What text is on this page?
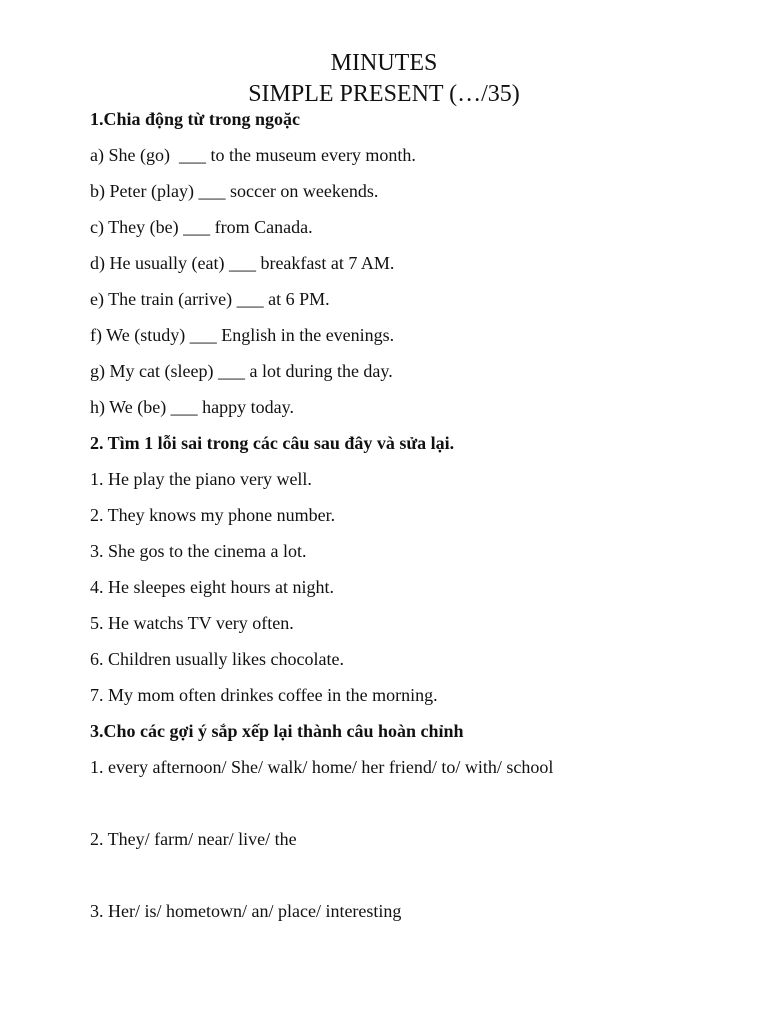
MINUTES
SIMPLE PRESENT (…/35)
1.Chia động từ trong ngoặc
a) She (go)  ___ to the museum every month.
b) Peter (play) ___ soccer on weekends.
c) They (be) ___ from Canada.
d) He usually (eat) ___ breakfast at 7 AM.
e) The train (arrive) ___ at 6 PM.
f) We (study) ___ English in the evenings.
g) My cat (sleep) ___ a lot during the day.
h) We (be) ___ happy today.
2. Tìm 1 lỗi sai trong các câu sau đây và sửa lại.
1. He play the piano very well.
2. They knows my phone number.
3. She gos to the cinema a lot.
4. He sleepes eight hours at night.
5. He watchs TV very often.
6. Children usually likes chocolate.
7. My mom often drinkes coffee in the morning.
3.Cho các gợi ý sắp xếp lại thành câu hoàn chỉnh
1. every afternoon/ She/ walk/ home/ her friend/ to/ with/ school
2. They/ farm/ near/ live/ the
3. Her/ is/ hometown/ an/ place/ interesting
